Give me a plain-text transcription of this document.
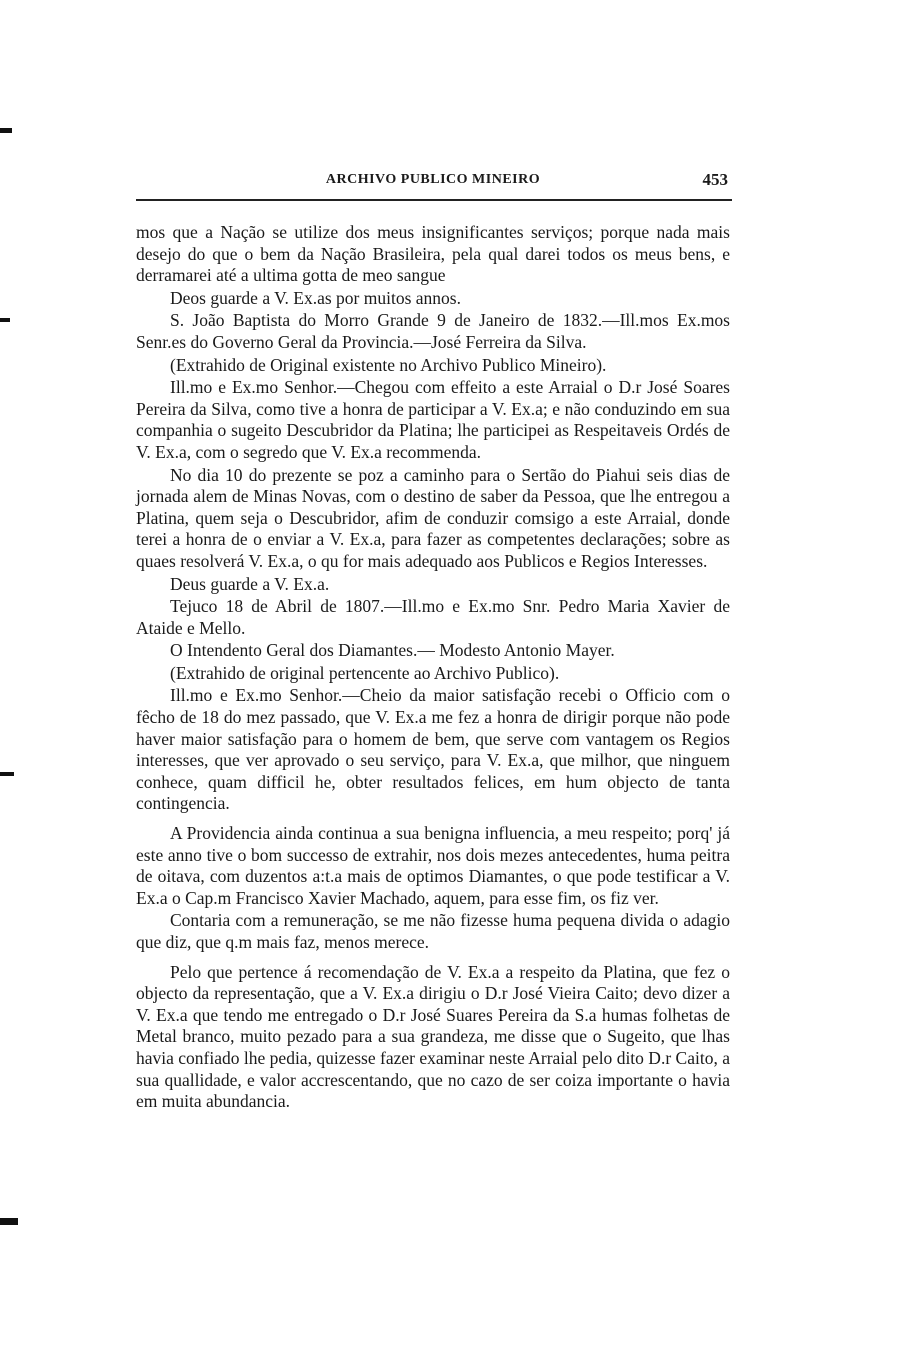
ARCHIVO PUBLICO MINEIRO	453

mos que a Nação se utilize dos meus insignificantes serviços; porque nada mais desejo do que o bem da Nação Brasileira, pela qual darei todos os meus bens, e derramarei até a ultima gotta de meo sangue

Deos guarde a V. Ex.as por muitos annos.

S. João Baptista do Morro Grande 9 de Janeiro de 1832.—Ill.mos Ex.mos Senr.es do Governo Geral da Provincia.—José Ferreira da Silva.

(Extrahido de Original existente no Archivo Publico Mineiro).

Ill.mo e Ex.mo Senhor.—Chegou com effeito a este Arraial o D.r José Soares Pereira da Silva, como tive a honra de participar a V. Ex.a; e não conduzindo em sua companhia o sugeito Descubridor da Platina; lhe participei as Respeitaveis Ordés de V. Ex.a, com o segredo que V. Ex.a recommenda.

No dia 10 do prezente se poz a caminho para o Sertão do Piahui seis dias de jornada alem de Minas Novas, com o destino de saber da Pessoa, que lhe entregou a Platina, quem seja o Descubridor, afim de conduzir comsigo a este Arraial, donde terei a honra de o enviar a V. Ex.a, para fazer as competentes declarações; sobre as quaes resolverá V. Ex.a, o qu for mais adequado aos Publicos e Regios Interesses.

Deus guarde a V. Ex.a.

Tejuco 18 de Abril de 1807.—Ill.mo e Ex.mo Snr. Pedro Maria Xavier de Ataide e Mello.

O Intendento Geral dos Diamantes.— Modesto Antonio Mayer.

(Extrahido de original pertencente ao Archivo Publico).

Ill.mo e Ex.mo Senhor.—Cheio da maior satisfação recebi o Officio com o fêcho de 18 do mez passado, que V. Ex.a me fez a honra de dirigir porque não pode haver maior satisfação para o homem de bem, que serve com vantagem os Regios interesses, que ver aprovado o seu serviço, para V. Ex.a, que milhor, que ninguem conhece, quam difficil he, obter resultados felices, em hum objecto de tanta contingencia.

A Providencia ainda continua a sua benigna influencia, a meu respeito; porq' já este anno tive o bom successo de extrahir, nos dois mezes antecedentes, huma peitra de oitava, com duzentos a:t.a mais de optimos Diamantes, o que pode testificar a V. Ex.a o Cap.m Francisco Xavier Machado, aquem, para esse fim, os fiz ver.

Contaria com a remuneração, se me não fizesse huma pequena divida o adagio que diz, que q.m mais faz, menos merece.

Pelo que pertence á recomendação de V. Ex.a a respeito da Platina, que fez o objecto da representação, que a V. Ex.a dirigiu o D.r José Vieira Caito; devo dizer a V. Ex.a que tendo me entregado o D.r José Suares Pereira da S.a humas folhetas de Metal branco, muito pezado para a sua grandeza, me disse que o Sugeito, que lhas havia confiado lhe pedia, quizesse fazer examinar neste Arraial pelo dito D.r Caito, a sua quallidade, e valor accrescentando, que no cazo de ser coiza importante o havia em muita abundancia.
